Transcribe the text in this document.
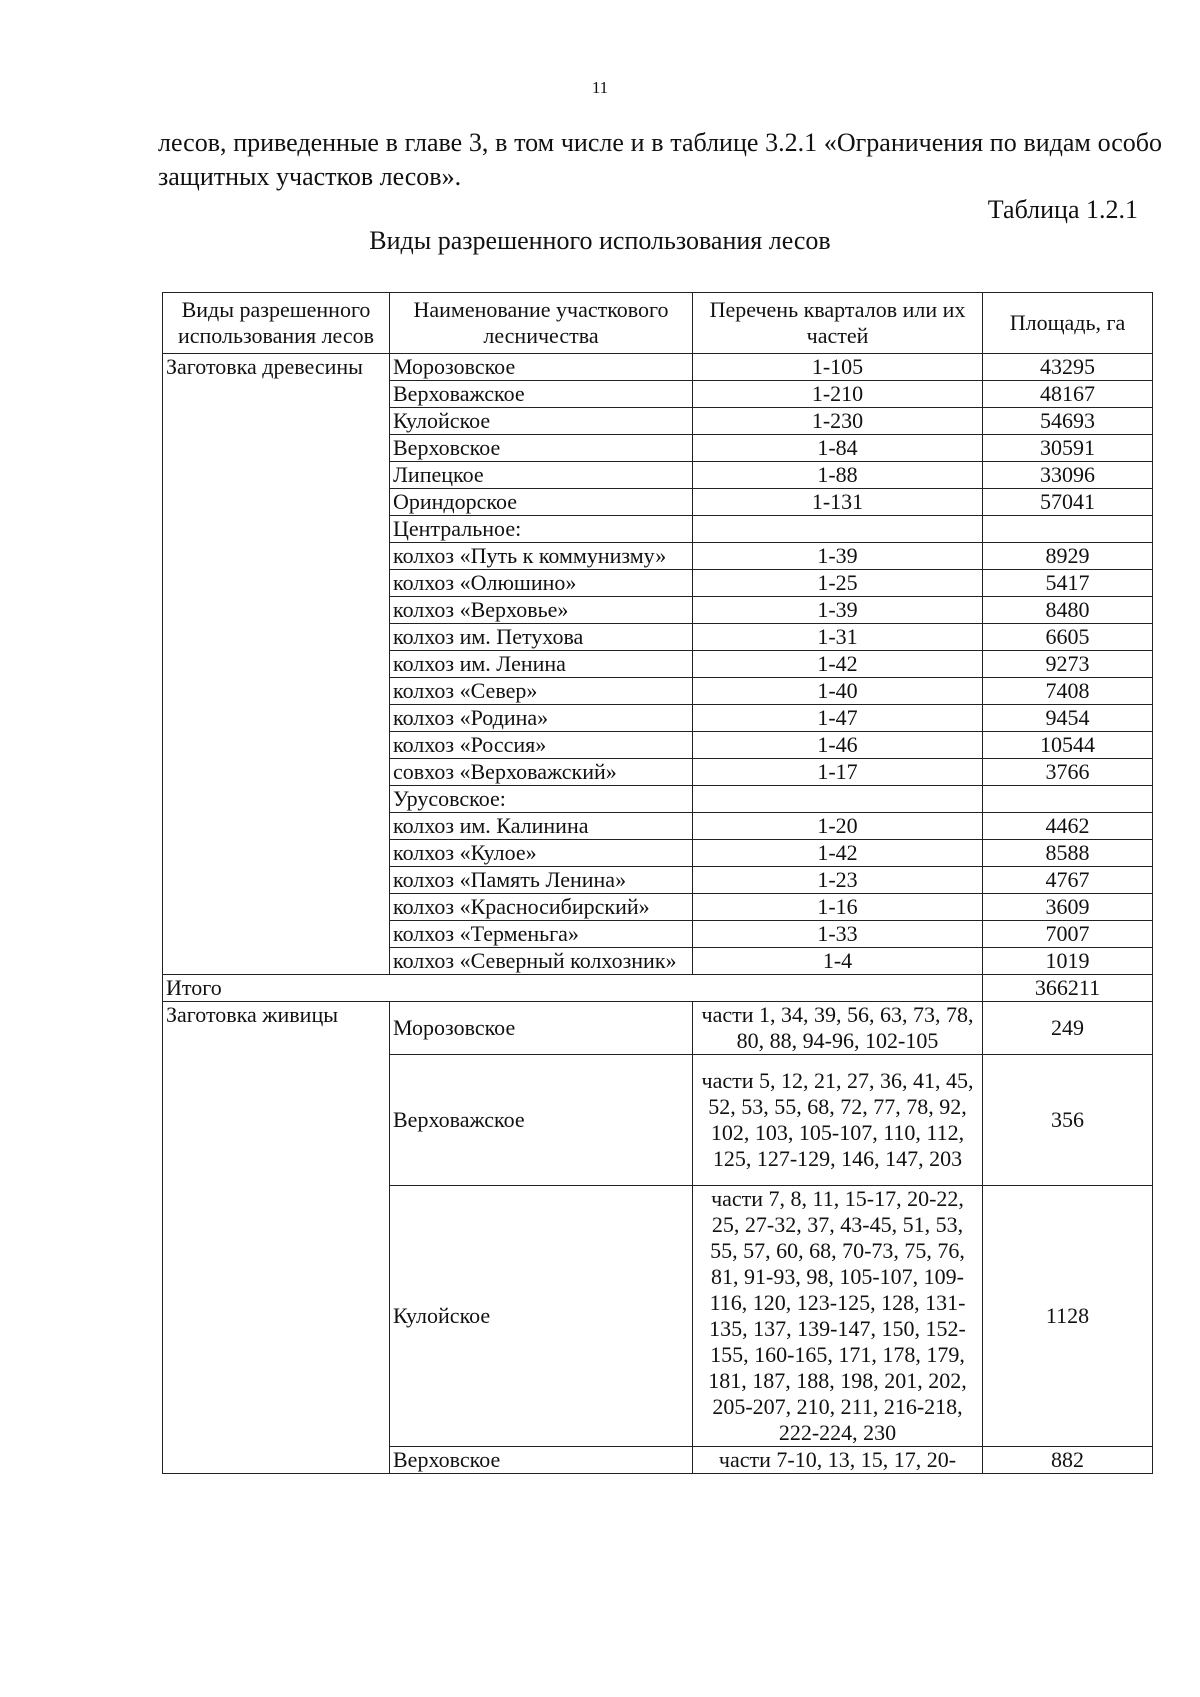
11

лесов, приведенные в главе 3, в том числе и в таблице 3.2.1 «Ограничения по видам особо защитных участков лесов».

Таблица 1.2.1
Виды разрешенного использования лесов
Виды разрешенного использования лесов	Наименование участкового лесничества	Перечень кварталов или их частей	Площадь, га
Заготовка древесины	Морозовское	1-105	43295
	Верховажское	1-210	48167
	Кулойское	1-230	54693
	Верховское	1-84	30591
	Липецкое	1-88	33096
	Ориндорское	1-131	57041
	Центральное:		
	колхоз «Путь к коммунизму»	1-39	8929
	колхоз «Олюшино»	1-25	5417
	колхоз «Верховье»	1-39	8480
	колхоз им. Петухова	1-31	6605
	колхоз им. Ленина	1-42	9273
	колхоз «Север»	1-40	7408
	колхоз «Родина»	1-47	9454
	колхоз «Россия»	1-46	10544
	совхоз «Верховажский»	1-17	3766
	Урусовское:		
	колхоз им. Калинина	1-20	4462
	колхоз «Кулое»	1-42	8588
	колхоз «Память Ленина»	1-23	4767
	колхоз «Красносибирский»	1-16	3609
	колхоз «Терменьга»	1-33	7007
	колхоз «Северный колхозник»	1-4	1019
Итого			366211
Заготовка живицы	Морозовское	части 1, 34, 39, 56, 63, 73, 78, 80, 88, 94-96, 102-105	249
	Верховажское	части 5, 12, 21, 27, 36, 41, 45, 52, 53, 55, 68, 72, 77, 78, 92, 102, 103, 105-107, 110, 112, 125, 127-129, 146, 147, 203	356
	Кулойское	части 7, 8, 11, 15-17, 20-22, 25, 27-32, 37, 43-45, 51, 53, 55, 57, 60, 68, 70-73, 75, 76, 81, 91-93, 98, 105-107, 109-116, 120, 123-125, 128, 131-135, 137, 139-147, 150, 152-155, 160-165, 171, 178, 179, 181, 187, 188, 198, 201, 202, 205-207, 210, 211, 216-218, 222-224, 230	1128
	Верховское	части 7-10, 13, 15, 17, 20-	882
